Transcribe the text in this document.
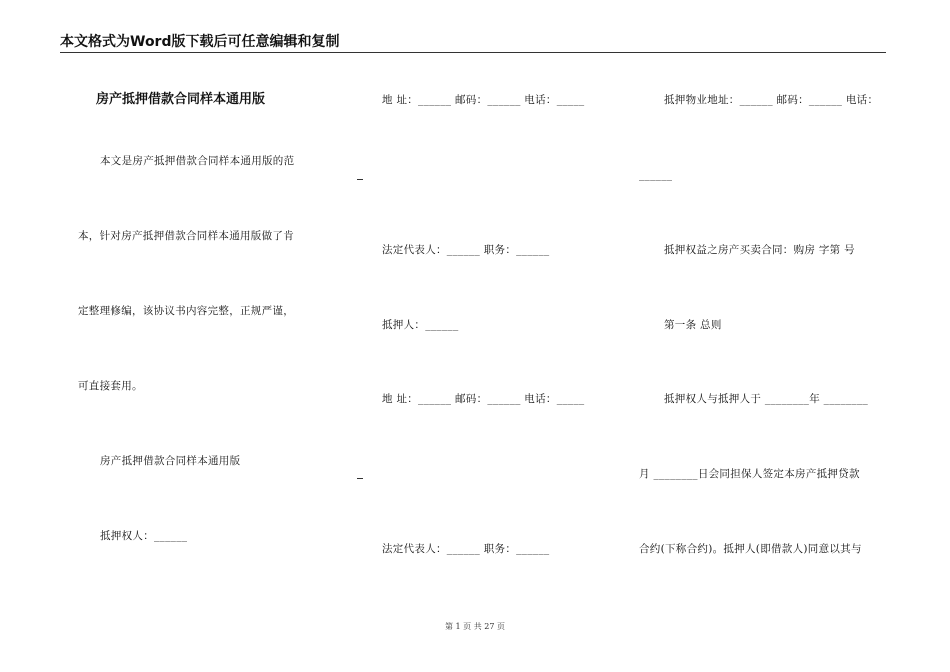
本文格式为Word版下载后可任意编辑和复制
房产抵押借款合同样本通用版
本文是房产抵押借款合同样本通用版的范
本，针对房产抵押借款合同样本通用版做了肯
定整理修编，该协议书内容完整，正规严谨，
可直接套用。
房产抵押借款合同样本通用版
抵押权人：______
地 址：______ 邮码：______ 电话：_____
法定代表人：______ 职务：______
抵押人：______
地 址：______ 邮码：______ 电话：_____
法定代表人：______ 职务：______
抵押物业地址：______ 邮码：______ 电话：
______
抵押权益之房产买卖合同：购房 字第 号
第一条 总则
抵押权人与抵押人于 ________年 ________
月 ________日会同担保人签定本房产抵押贷款
合约(下称合约)。抵押人(即借款人)同意以其与
第 1 页 共 27 页
